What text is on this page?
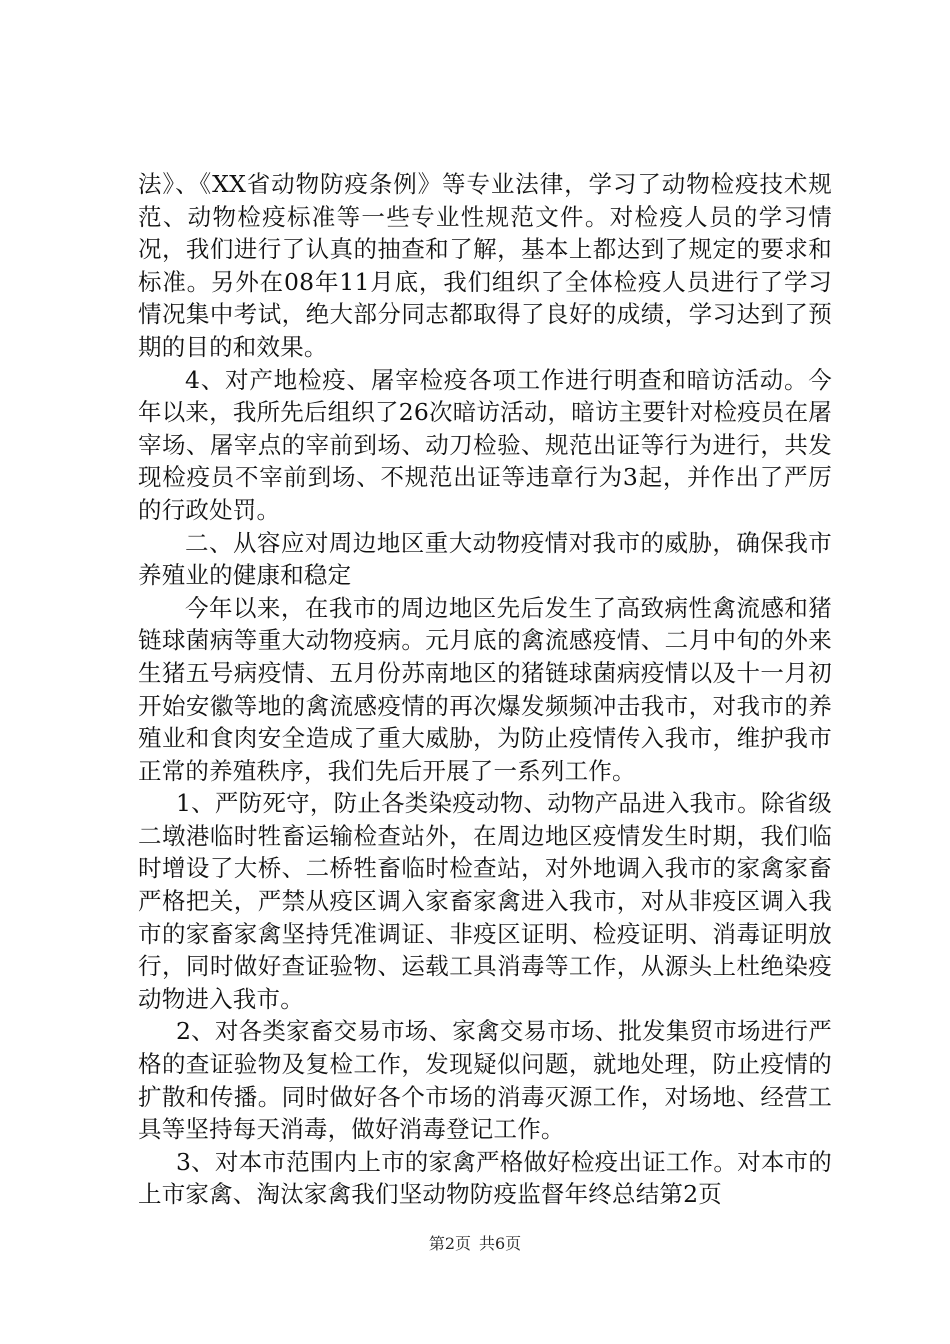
法》、《XX省动物防疫条例》等专业法律，学习了动物检疫技术规范、动物检疫标准等一些专业性规范文件。对检疫人员的学习情况，我们进行了认真的抽查和了解，基本上都达到了规定的要求和标准。另外在08年11月底，我们组织了全体检疫人员进行了学习情况集中考试，绝大部分同志都取得了良好的成绩，学习达到了预期的目的和效果。

4、对产地检疫、屠宰检疫各项工作进行明查和暗访活动。今年以来，我所先后组织了26次暗访活动，暗访主要针对检疫员在屠宰场、屠宰点的宰前到场、动刀检验、规范出证等行为进行，共发现检疫员不宰前到场、不规范出证等违章行为3起，并作出了严厉的行政处罚。

二、从容应对周边地区重大动物疫情对我市的威胁，确保我市养殖业的健康和稳定

今年以来，在我市的周边地区先后发生了高致病性禽流感和猪链球菌病等重大动物疫病。元月底的禽流感疫情、二月中旬的外来生猪五号病疫情、五月份苏南地区的猪链球菌病疫情以及十一月初开始安徽等地的禽流感疫情的再次爆发频频冲击我市，对我市的养殖业和食肉安全造成了重大威胁，为防止疫情传入我市，维护我市正常的养殖秩序，我们先后开展了一系列工作。

1、严防死守，防止各类染疫动物、动物产品进入我市。除省级二墩港临时牲畜运输检查站外，在周边地区疫情发生时期，我们临时增设了大桥、二桥牲畜临时检查站，对外地调入我市的家禽家畜严格把关，严禁从疫区调入家畜家禽进入我市，对从非疫区调入我市的家畜家禽坚持凭准调证、非疫区证明、检疫证明、消毒证明放行，同时做好查证验物、运载工具消毒等工作，从源头上杜绝染疫动物进入我市。

2、对各类家畜交易市场、家禽交易市场、批发集贸市场进行严格的查证验物及复检工作，发现疑似问题，就地处理，防止疫情的扩散和传播。同时做好各个市场的消毒灭源工作，对场地、经营工具等坚持每天消毒，做好消毒登记工作。

3、对本市范围内上市的家禽严格做好检疫出证工作。对本市的上市家禽、淘汰家禽我们坚动物防疫监督年终总结第2页

第2页 共6页
